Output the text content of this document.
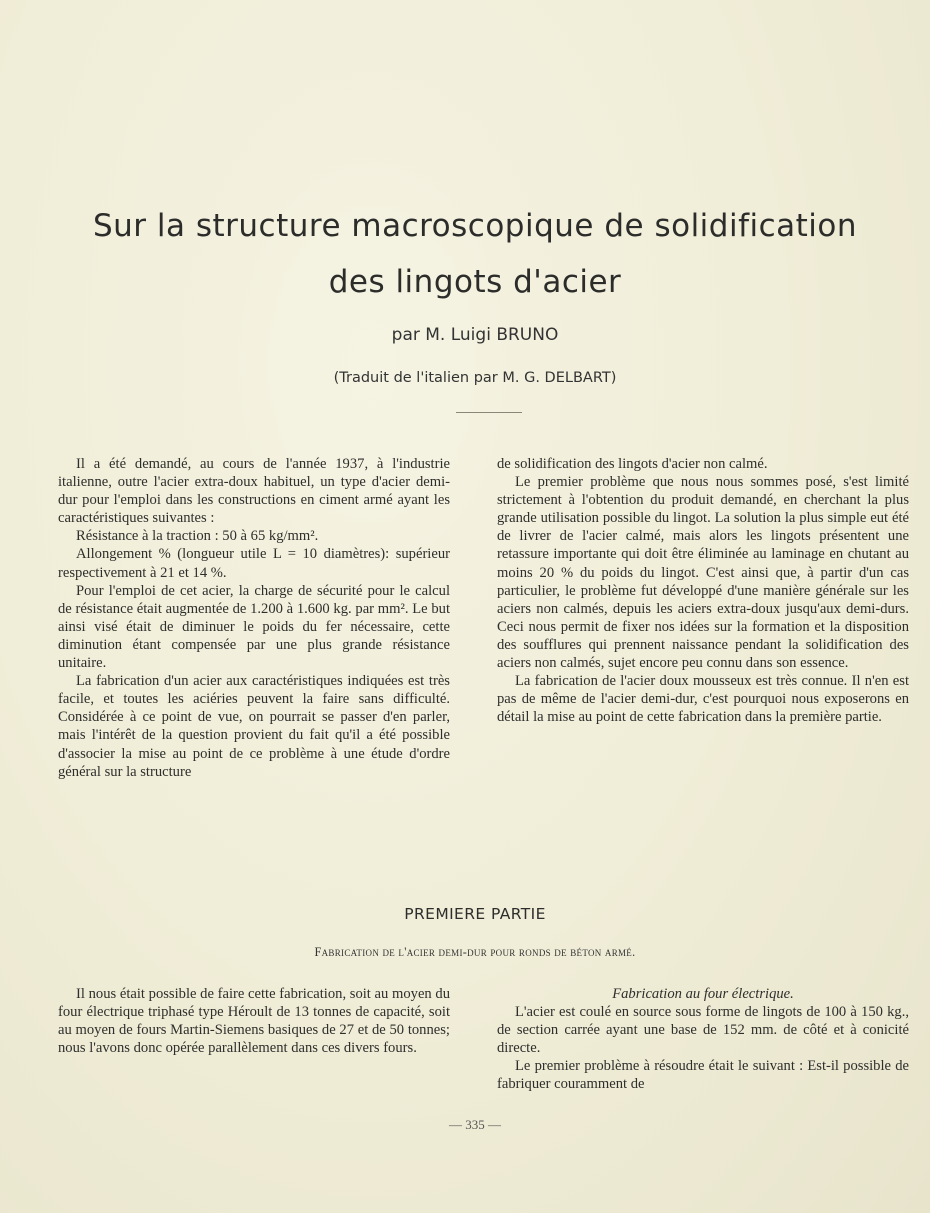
Sur la structure macroscopique de solidification
des lingots d'acier
par M. Luigi BRUNO
(Traduit de l'italien par M. G. DELBART)

Il a été demandé, au cours de l'année 1937, à l'industrie italienne, outre l'acier extra-doux habituel, un type d'acier demi-dur pour l'emploi dans les constructions en ciment armé ayant les caractéristiques suivantes :

Résistance à la traction : 50 à 65 kg/mm².

Allongement % (longueur utile L = 10 diamètres): supérieur respectivement à 21 et 14 %.

Pour l'emploi de cet acier, la charge de sécurité pour le calcul de résistance était augmentée de 1.200 à 1.600 kg. par mm². Le but ainsi visé était de diminuer le poids du fer nécessaire, cette diminution étant compensée par une plus grande résistance unitaire.

La fabrication d'un acier aux caractéristiques indiquées est très facile, et toutes les aciéries peuvent la faire sans difficulté. Considérée à ce point de vue, on pourrait se passer d'en parler, mais l'intérêt de la question provient du fait qu'il a été possible d'associer la mise au point de ce problème à une étude d'ordre général sur la structure

de solidification des lingots d'acier non calmé.

Le premier problème que nous nous sommes posé, s'est limité strictement à l'obtention du produit demandé, en cherchant la plus grande utilisation possible du lingot. La solution la plus simple eut été de livrer de l'acier calmé, mais alors les lingots présentent une retassure importante qui doit être éliminée au laminage en chutant au moins 20 % du poids du lingot. C'est ainsi que, à partir d'un cas particulier, le problème fut développé d'une manière générale sur les aciers non calmés, depuis les aciers extra-doux jusqu'aux demi-durs. Ceci nous permit de fixer nos idées sur la formation et la disposition des soufflures qui prennent naissance pendant la solidification des aciers non calmés, sujet encore peu connu dans son essence.

La fabrication de l'acier doux mousseux est très connue. Il n'en est pas de même de l'acier demi-dur, c'est pourquoi nous exposerons en détail la mise au point de cette fabrication dans la première partie.

PREMIERE PARTIE
Fabrication de l'acier demi-dur pour ronds de béton armé.

Il nous était possible de faire cette fabrication, soit au moyen du four électrique triphasé type Héroult de 13 tonnes de capacité, soit au moyen de fours Martin-Siemens basiques de 27 et de 50 tonnes; nous l'avons donc opérée parallèlement dans ces divers fours.

Fabrication au four électrique.

L'acier est coulé en source sous forme de lingots de 100 à 150 kg., de section carrée ayant une base de 152 mm. de côté et à conicité directe.

Le premier problème à résoudre était le suivant : Est-il possible de fabriquer couramment de

— 335 —
